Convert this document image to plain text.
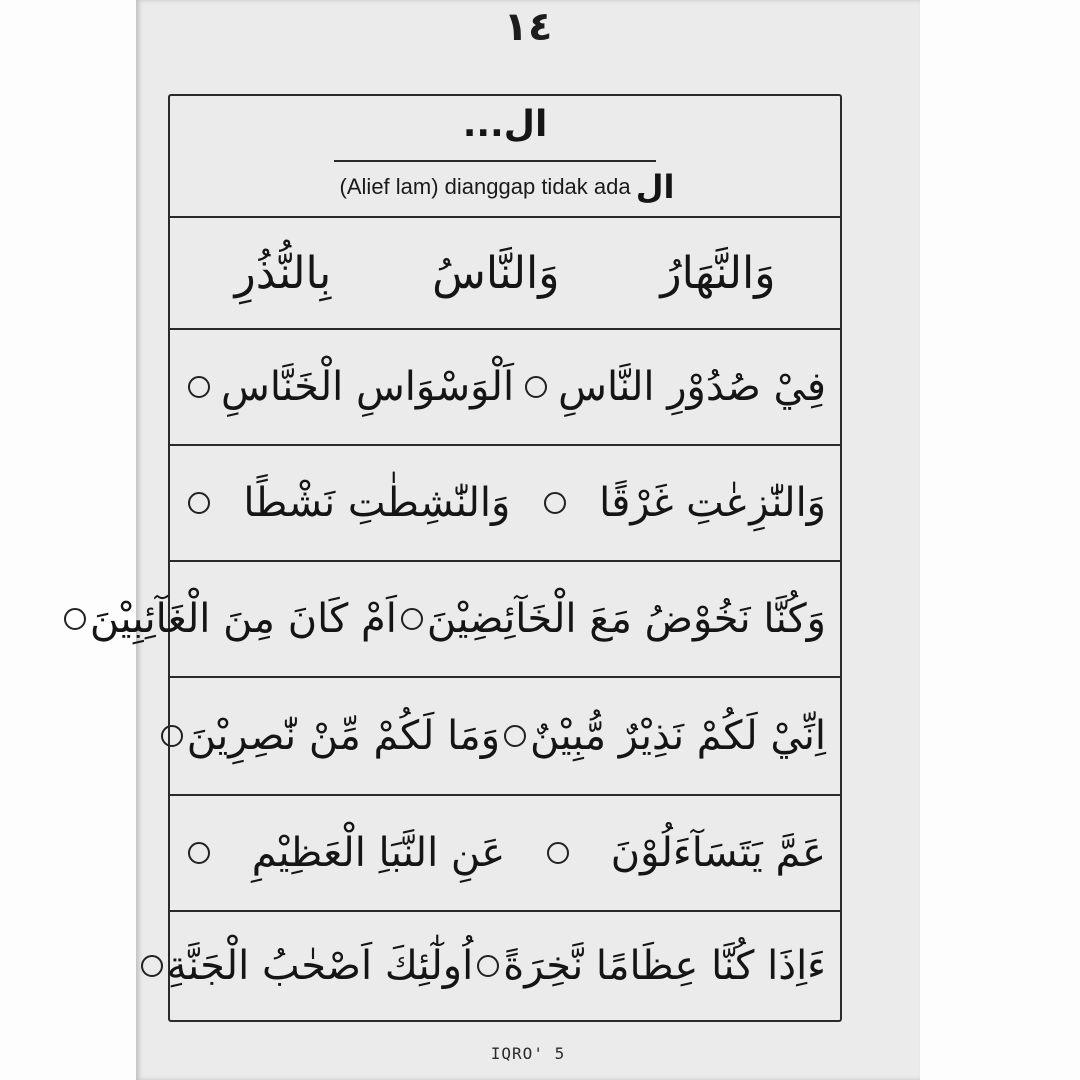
١٤
ال...
ال (Alief lam) dianggap tidak ada
وَالنَّهَارُ
وَالنَّاسُ
بِالنُّذُرِ
فِيْ صُدُوْرِ النَّاسِ
اَلْوَسْوَاسِ الْخَنَّاسِ
وَالنّٰزِعٰتِ غَرْقًا
وَالنّٰشِطٰتِ نَشْطًا
وَكُنَّا نَخُوْضُ مَعَ الْخَآئِضِيْنَ
اَمْ كَانَ مِنَ الْغَآئِبِيْنَ
اِنِّيْ لَكُمْ نَذِيْرٌ مُّبِيْنٌ
وَمَا لَكُمْ مِّنْ نّٰصِرِيْنَ
عَمَّ يَتَسَآءَلُوْنَ
عَنِ النَّبَاِ الْعَظِيْمِ
ءَاِذَا كُنَّا عِظَامًا نَّخِرَةً
اُولٰٓئِكَ اَصْحٰبُ الْجَنَّةِ
IQRO' 5
